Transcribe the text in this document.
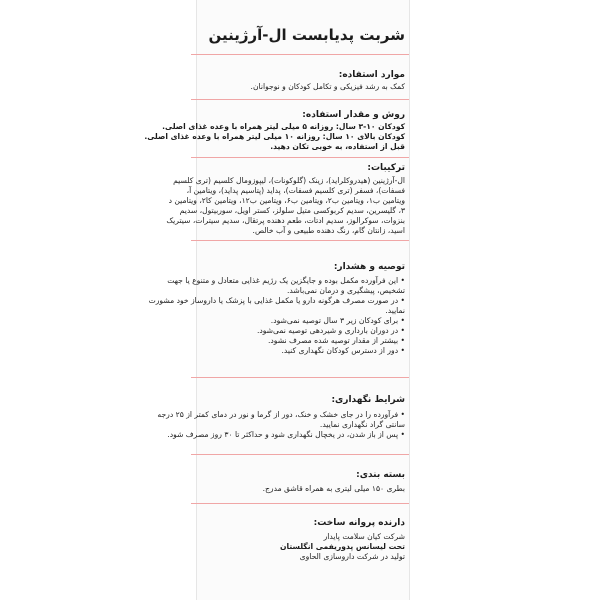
شربت پدیابست ال-آرژینین
موارد استفاده:
کمک به رشد فیزیکی و تکامل کودکان و نوجوانان.
روش و مقدار استفاده:
کودکان ۱۰-۳ سال: روزانه ۵ میلی لیتر همراه با وعده غذای اصلی.
کودکان بالای ۱۰ سال: روزانه ۱۰ میلی لیتر همراه با وعده غذای اصلی.
قبل از استفاده، به خوبی تکان دهید.
ترکیبات:
ال-آرژینین (هیدروکلراید)، زینک (گلوکونات)، لیپوزومال کلسیم (تری کلسیم
فسفات)، فسفر (تری کلسیم فسفات)، پداید (پتاسیم پداید)، ویتامین آ،
ویتامین ب۱، ویتامین ب۲، ویتامین ب۶، ویتامین ب۱۲، ویتامین کا۲، ویتامین د
۳، گلیسرین، سدیم کربوکسی متیل سلولز، کستر اویل، سوربیتول، سدیم
بنزوات، سوکرالوز، سدیم ادتات، طعم دهنده پرتقال، سدیم سیترات، سیتریک
اسید، زانتان گام، رنگ دهنده طبیعی و آب خالص.
توصیه و هشدار:
• این فرآورده مکمل بوده و جایگزین یک رژیم غذایی متعادل و متنوع یا جهت
تشخیص، پیشگیری و درمان نمی‌باشد.
• در صورت مصرف هرگونه دارو یا مکمل غذایی با پزشک یا داروساز خود مشورت
نمایید.
• برای کودکان زیر ۳ سال توصیه نمی‌شود.
• در دوران بارداری و شیردهی توصیه نمی‌شود.
• بیشتر از مقدار توصیه شده مصرف نشود.
• دور از دسترس کودکان نگهداری کنید.
شرایط نگهداری:
• فرآورده را در جای خشک و خنک، دور از گرما و نور در دمای کمتر از ۲۵ درجه
سانتی گراد نگهداری نمایید.
• پس از باز شدن، در یخچال نگهداری شود و حداکثر تا ۳۰ روز مصرف شود.
بسته بندی:
بطری ۱۵۰ میلی لیتری به همراه قاشق مدرج.
دارنده پروانه ساخت:
شرکت کیان سلامت پایدار
تحت لیسانس پدوریفمی انگلستان
تولید در شرکت داروسازی الحاوی
